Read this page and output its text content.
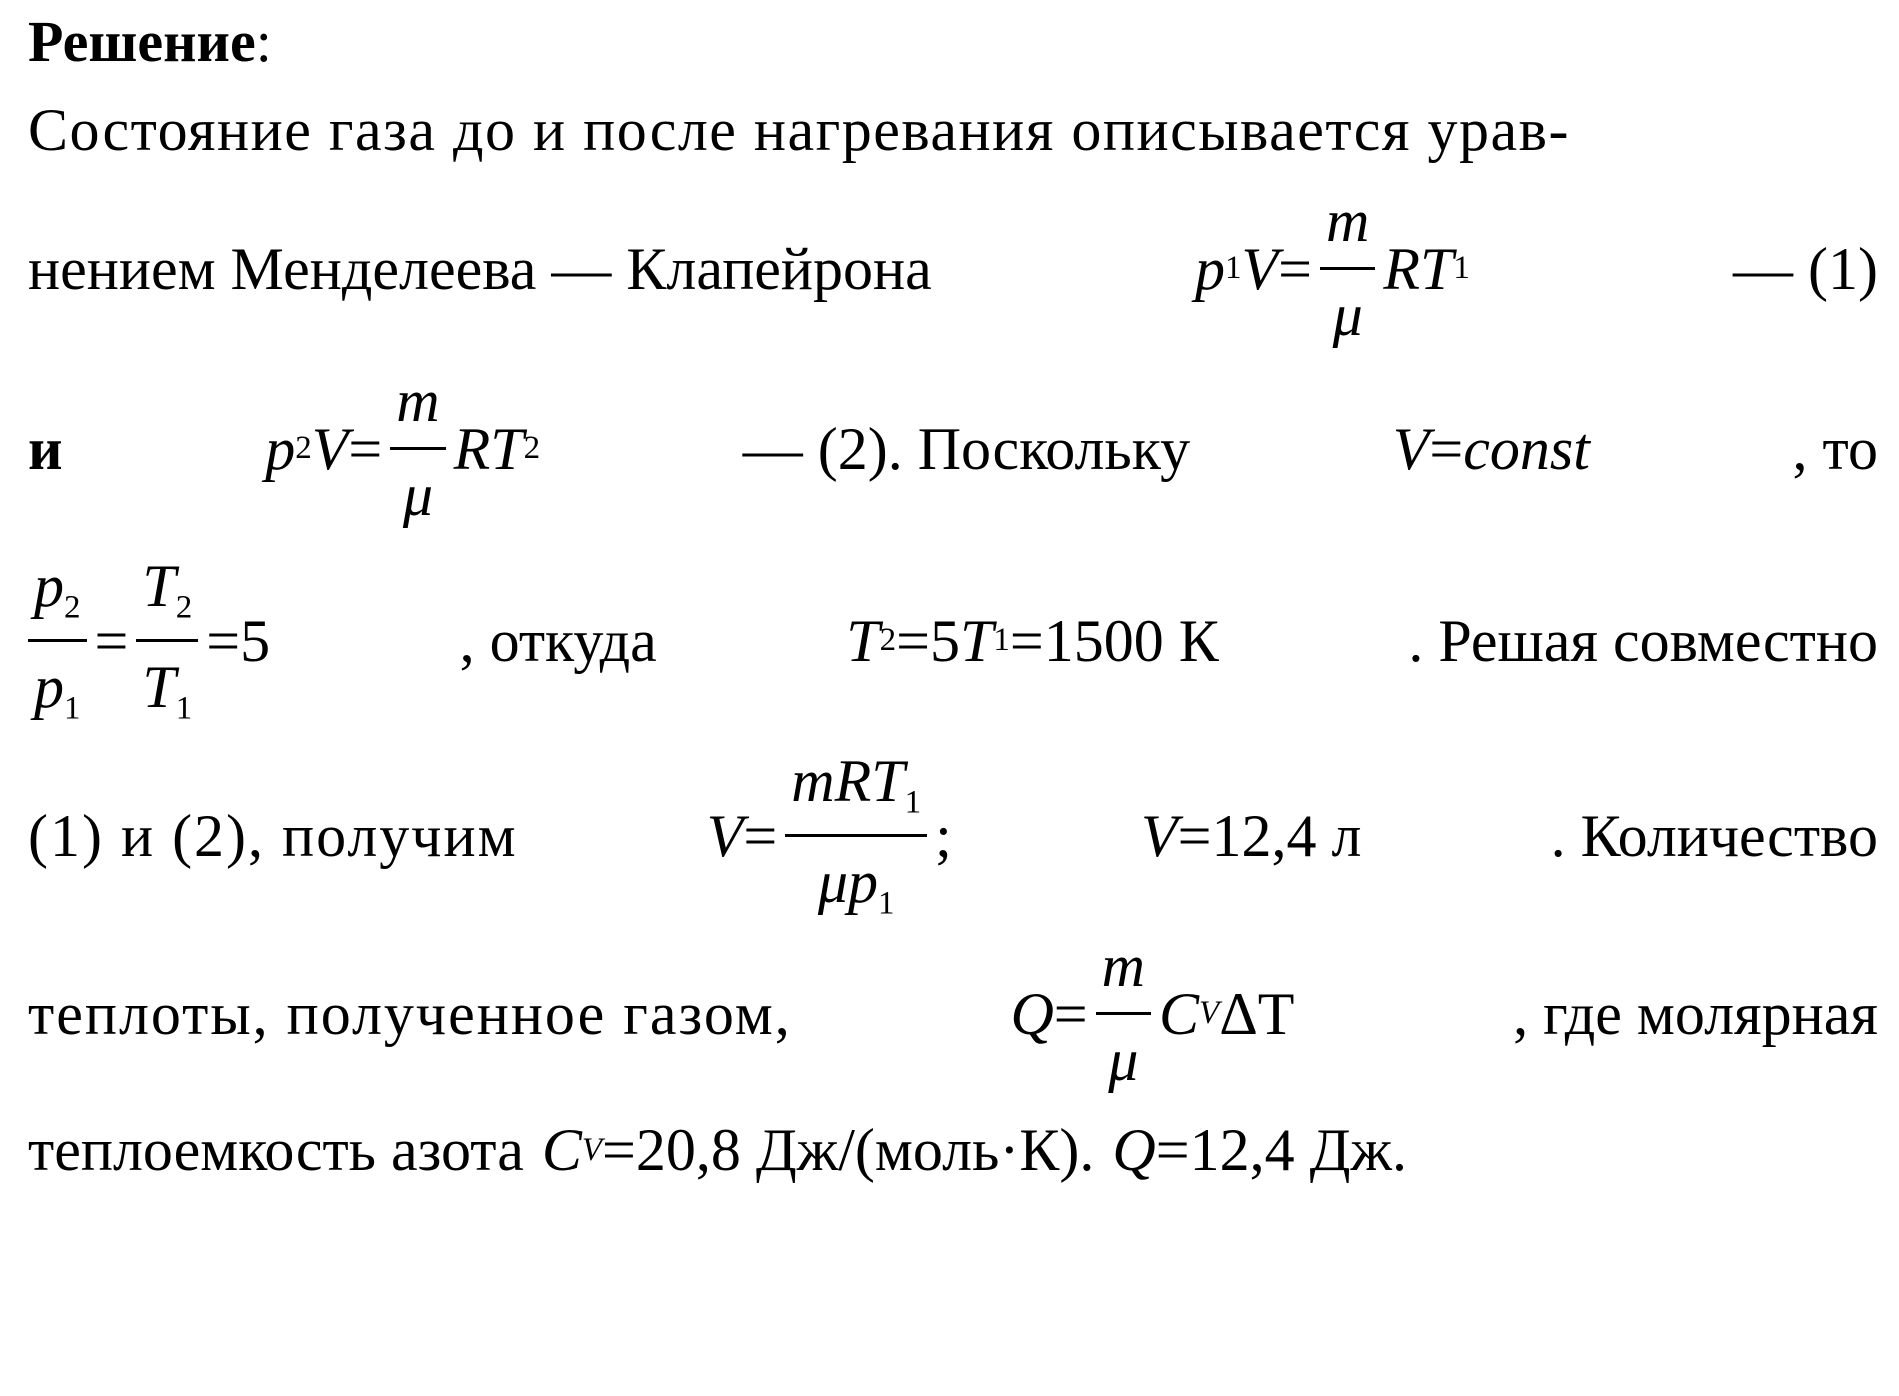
Решение:
Состояние газа до и после нагревания описывается урав-
нением Менделеева — Клапейрона	p 1 $V = \frac{m}{\mu}$ R T 1	— (1)
и	p 2 $V = \frac{m}{\mu}$ R T 2	— (2). Поскольку	V = const	, то
$\frac{p_2}{p_1} = \frac{T_2}{T_1} = 5$	, откуда	T 2 = 5 T 1 = 1500 К	. Решая совместно
(1) и (2), получим	$V = \frac{mRT_1}{\mu p_1}$ ;	V = 12,4 л	. Количество
теплоты, полученное газом,	$Q = \frac{m}{\mu}$ C V ΔT	, где молярная
теплоемкость азота C V = 20,8 Дж/(моль·К) . Q = 12,4 Дж .
